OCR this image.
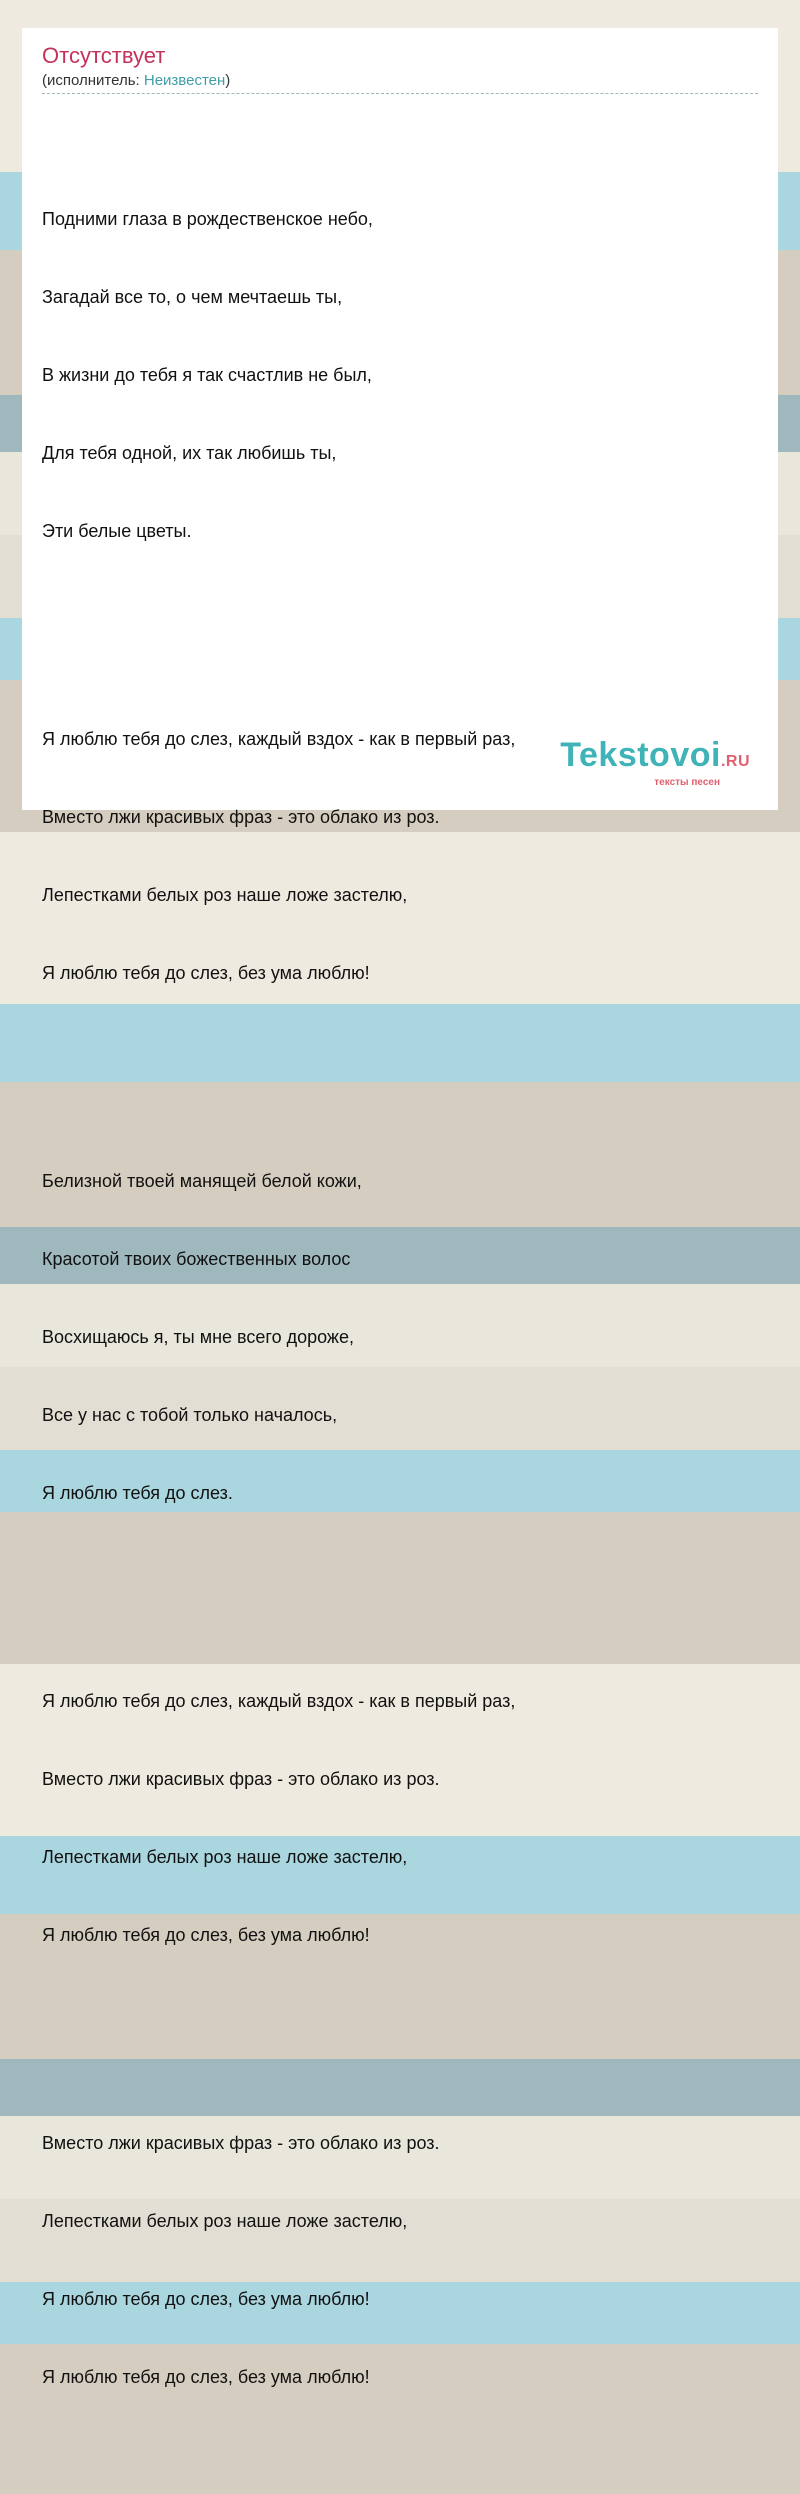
Отсутствует
(исполнитель: Неизвестен)

Подними глаза в рождественское небо,

Загадай все то, о чем мечтаешь ты,

В жизни до тебя я так счастлив не был,

Для тебя одной, их так любишь ты,

Эти белые цветы.

Я люблю тебя до слез, каждый вздох - как в первый раз,

Вместо лжи красивых фраз - это облако из роз.

Лепестками белых роз наше ложе застелю,

Я люблю тебя до слез, без ума люблю!

Белизной твоей манящей белой кожи,

Красотой твоих божественных волос

Восхищаюсь я, ты мне всего дороже,

Все у нас с тобой только началось,

Я люблю тебя до слез.

Я люблю тебя до слез, каждый вздох - как в первый раз,

Вместо лжи красивых фраз - это облако из роз.

Лепестками белых роз наше ложе застелю,

Я люблю тебя до слез, без ума люблю!

Вместо лжи красивых фраз - это облако из роз.

Лепестками белых роз наше ложе застелю,

Я люблю тебя до слез, без ума люблю!

Я люблю тебя до слез, без ума люблю!

Tekstovoi.RU
тексты песен
